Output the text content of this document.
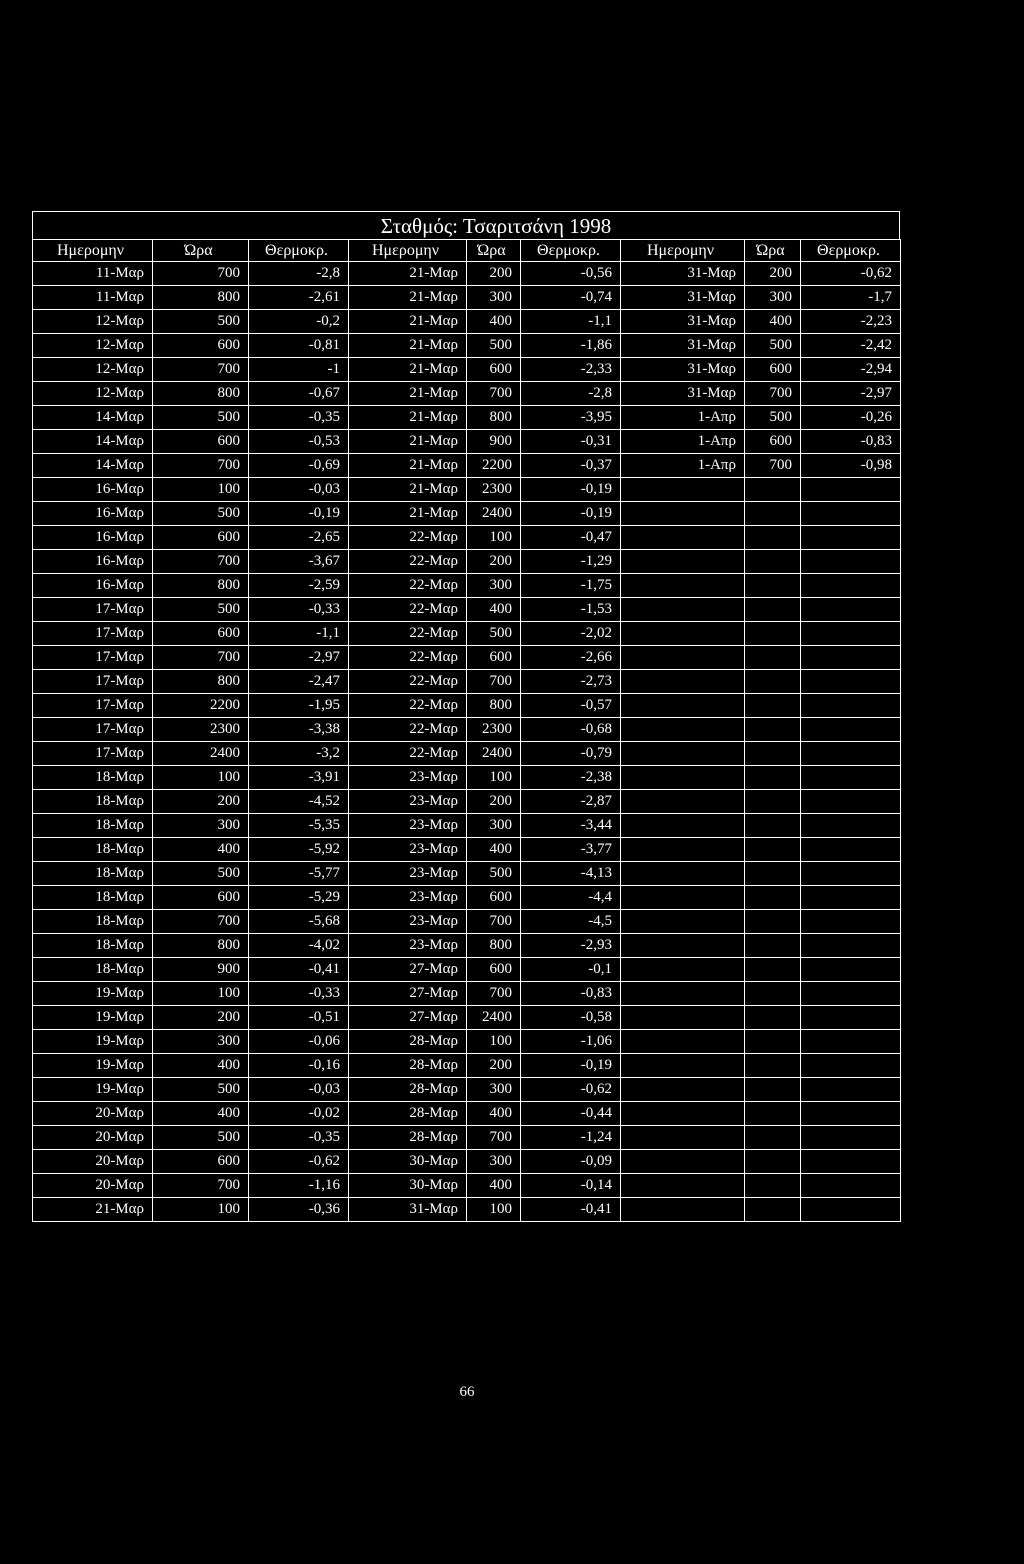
Σταθμός: Τσαριτσάνη 1998
Ημερομην	Ώρα	Θερμοκρ.	Ημερομην	Ώρα	Θερμοκρ.	Ημερομην	Ώρα	Θερμοκρ.
11-Μαρ	700	-2,8	21-Μαρ	200	-0,56	31-Μαρ	200	-0,62
11-Μαρ	800	-2,61	21-Μαρ	300	-0,74	31-Μαρ	300	-1,7
12-Μαρ	500	-0,2	21-Μαρ	400	-1,1	31-Μαρ	400	-2,23
12-Μαρ	600	-0,81	21-Μαρ	500	-1,86	31-Μαρ	500	-2,42
12-Μαρ	700	-1	21-Μαρ	600	-2,33	31-Μαρ	600	-2,94
12-Μαρ	800	-0,67	21-Μαρ	700	-2,8	31-Μαρ	700	-2,97
14-Μαρ	500	-0,35	21-Μαρ	800	-3,95	1-Απρ	500	-0,26
14-Μαρ	600	-0,53	21-Μαρ	900	-0,31	1-Απρ	600	-0,83
14-Μαρ	700	-0,69	21-Μαρ	2200	-0,37	1-Απρ	700	-0,98
16-Μαρ	100	-0,03	21-Μαρ	2300	-0,19			
16-Μαρ	500	-0,19	21-Μαρ	2400	-0,19			
16-Μαρ	600	-2,65	22-Μαρ	100	-0,47			
16-Μαρ	700	-3,67	22-Μαρ	200	-1,29			
16-Μαρ	800	-2,59	22-Μαρ	300	-1,75			
17-Μαρ	500	-0,33	22-Μαρ	400	-1,53			
17-Μαρ	600	-1,1	22-Μαρ	500	-2,02			
17-Μαρ	700	-2,97	22-Μαρ	600	-2,66			
17-Μαρ	800	-2,47	22-Μαρ	700	-2,73			
17-Μαρ	2200	-1,95	22-Μαρ	800	-0,57			
17-Μαρ	2300	-3,38	22-Μαρ	2300	-0,68			
17-Μαρ	2400	-3,2	22-Μαρ	2400	-0,79			
18-Μαρ	100	-3,91	23-Μαρ	100	-2,38			
18-Μαρ	200	-4,52	23-Μαρ	200	-2,87			
18-Μαρ	300	-5,35	23-Μαρ	300	-3,44			
18-Μαρ	400	-5,92	23-Μαρ	400	-3,77			
18-Μαρ	500	-5,77	23-Μαρ	500	-4,13			
18-Μαρ	600	-5,29	23-Μαρ	600	-4,4			
18-Μαρ	700	-5,68	23-Μαρ	700	-4,5			
18-Μαρ	800	-4,02	23-Μαρ	800	-2,93			
18-Μαρ	900	-0,41	27-Μαρ	600	-0,1			
19-Μαρ	100	-0,33	27-Μαρ	700	-0,83			
19-Μαρ	200	-0,51	27-Μαρ	2400	-0,58			
19-Μαρ	300	-0,06	28-Μαρ	100	-1,06			
19-Μαρ	400	-0,16	28-Μαρ	200	-0,19			
19-Μαρ	500	-0,03	28-Μαρ	300	-0,62			
20-Μαρ	400	-0,02	28-Μαρ	400	-0,44			
20-Μαρ	500	-0,35	28-Μαρ	700	-1,24			
20-Μαρ	600	-0,62	30-Μαρ	300	-0,09			
20-Μαρ	700	-1,16	30-Μαρ	400	-0,14			
21-Μαρ	100	-0,36	31-Μαρ	100	-0,41			
66
